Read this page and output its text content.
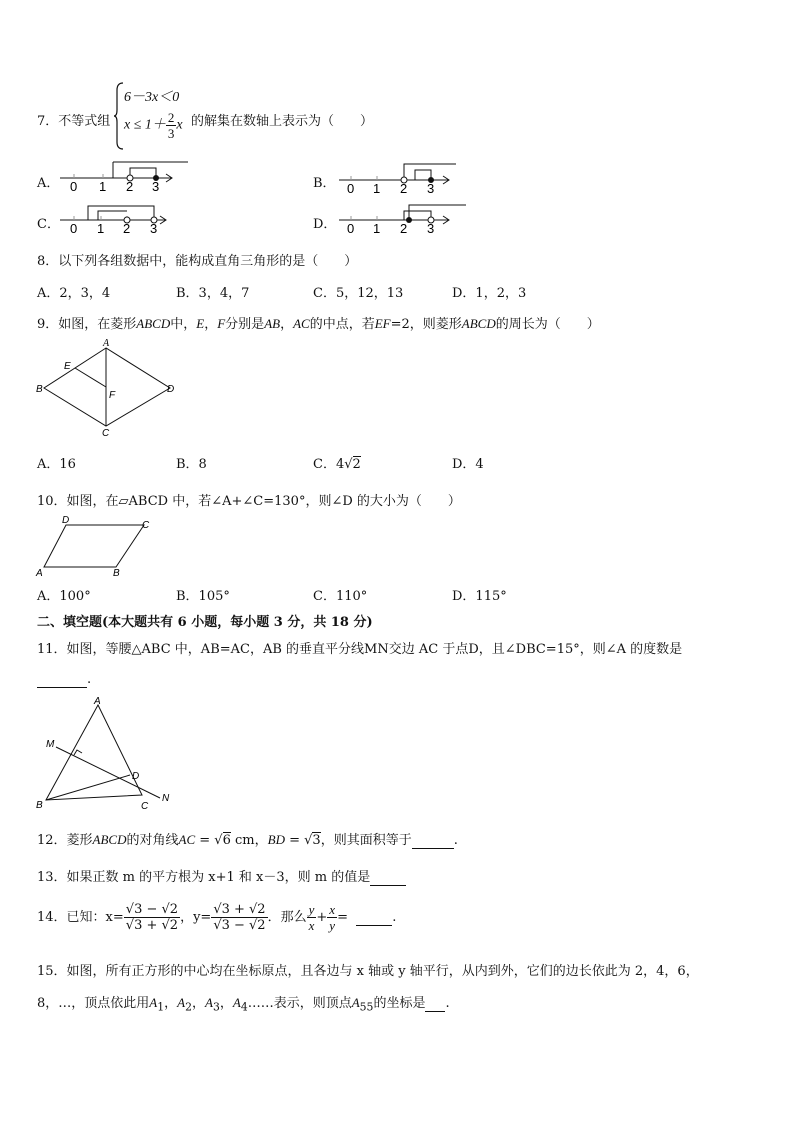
7．不等式组
6－3x＜0
$x \le 1+ \frac{2}{3}$ x 的解集在数轴上表示为（　　）
A． 0 1 2 3	B． 0 1 2 3
C． 0 1 2 3	D． 0 1 2 3
8．以下列各组数据中，能构成直角三角形的是（　　）
A．2，3，4	B．3，4，7	C．5，12，13	D．1，2，3
9．如图，在菱形ABCD中，E，F分别是AB，AC的中点，若EF=2，则菱形ABCD的周长为（　　）
A
B
C
D
E
F
A．16	B．8	C．4√2	D．4
10．如图，在▱ABCD 中，若∠A+∠C=130°，则∠D 的大小为（　　）
D	C
A	B
A．100°	B．105°	C．110°	D．115°
二、填空题(本大题共有 6 小题，每小题 3 分，共 18 分)
11．如图，等腰△ABC 中，AB=AC，AB 的垂直平分线MN交边 AC 于点D，且∠DBC=15°，则∠A 的度数是
.
A
M
D
B	C
N
12．菱形ABCD的对角线AC = √6 cm，BD = √3，则其面积等于	.
13．如果正数 m 的平方根为 x+1 和 x－3，则 m 的值是
14．已知：$x= \frac{√3 - √2}{√3 + √2}$ ，$y= \frac{√3 + √2}{√3 - √2}$ ．那么 $\frac{y}{x} + \frac{x}{y}$ =	.
15．如图，所有正方形的中心均在坐标原点，且各边与 x 轴或 y 轴平行，从内到外，它们的边长依此为 2，4，6，
8，…，顶点依此用$A_1$，$A_2$，$A_3$，$A_4\dots\dots$表示，则顶点$A_{55}$的坐标是 .
